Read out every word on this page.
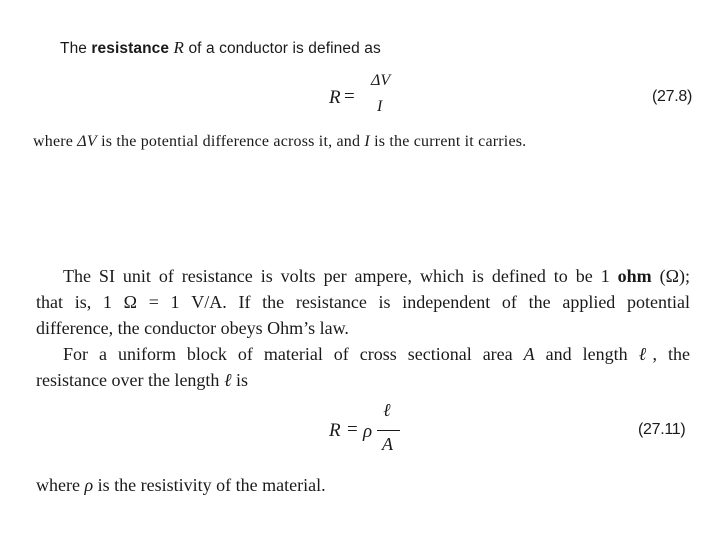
The resistance R of a conductor is defined as
R =
ΔV
I
(27.8)
where ΔV is the potential difference across it, and I is the current it carries.
The SI unit of resistance is volts per ampere, which is defined to be 1 ohm (Ω);
that is, 1 Ω = 1 V/A. If the resistance is independent of the applied potential
difference, the conductor obeys Ohm’s law.
For a uniform block of material of cross sectional area A and length ℓ, the
resistance over the length ℓ is
R = ρ
ℓ
A
(27.11)
where ρ is the resistivity of the material.
